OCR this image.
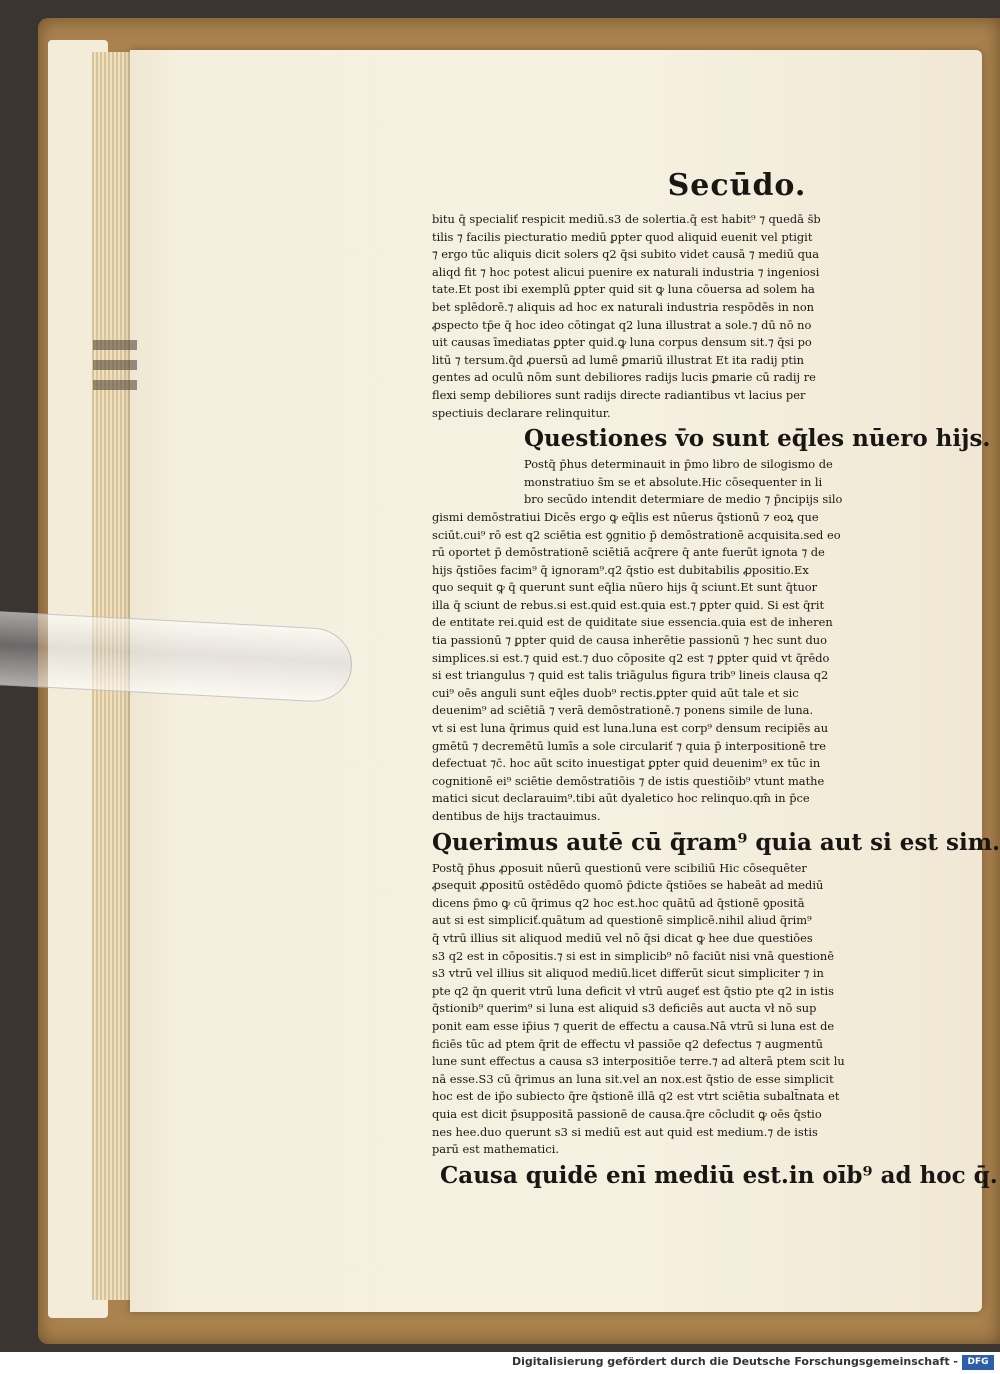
Secūdo.
bitu q̄ specialiť respicit mediū.s3 de solertia.q̄ est habit⁹ ⁊ quedā s̄b
tilis ⁊ facilis piecturatio mediū ꝑpter quod aliquid euenit vel ptigit
⁊ ergo tūc aliquis dicit solers q2 q̄si subito videt causā ⁊ mediū qua
aliqd fit ⁊ hoc potest alicui puenire ex naturali industria ⁊ ingeniosi
tate.Et post ibi exemplū ꝑpter quid sit ꝙ luna cōuersa ad solem ha
bet splēdorē.⁊ aliquis ad hoc ex naturali industria respōdēs in non
ꝓspecto tp̄e q̄ hoc ideo cōtingat q2 luna illustrat a sole.⁊ dū nō no
uit causas īmediatas ꝑpter quid.ꝙ luna corpus densum sit.⁊ q̄si po
litū ⁊ tersum.q̄d ꝓuersū ad lumē ꝑmariū illustrat Et ita radij ptin
gentes ad oculū nōm sunt debiliores radijs lucis ꝑmarie cū radij re
flexi semp debiliores sunt radijs directe radiantibus vt lacius per
spectiuis declarare relinquitur.
Questiones v̄o sunt eq̄les nūero hijs.
Postq̄ p̄hus determinauit in p̄mo libro de silogismo de
monstratiuo s̄m se et absolute.Hic cōsequenter in li
bro secūdo intendit determiare de medio ⁊ p̄ncipijs silo
gismi demōstratiui Dicēs ergo ꝙ eq̄lis est nūerus q̄stionū ⁊ eoꝝ que
sciūt.cui⁹ rō est q2 sciētia est ꝯgnitio p̄ demōstrationē acquisita.sed eo
rū oportet p̄ demōstrationē sciētiā acq̄rere q̄ ante fuerūt ignota ⁊ de
hijs q̄stiōes facim⁹ q̄ ignoram⁹.q2 q̄stio est dubitabilis ꝓpositio.Ex
quo sequit ꝙ q̄ querunt sunt eq̄lia nūero hijs q̄ sciunt.Et sunt q̄tuor
illa q̄ sciunt de rebus.si est.quid est.quia est.⁊ ꝑpter quid. Si est q̄rit
de entitate rei.quid est de quiditate siue essencia.quia est de inheren
tia passionū ⁊ ꝑpter quid de causa inherētie passionū ⁊ hec sunt duo
simplices.si est.⁊ quid est.⁊ duo cōposite q2 est ⁊ ꝑpter quid vt q̄rēdo
si est triangulus ⁊ quid est talis triāgulus figura trib⁹ lineis clausa q2
cui⁹ oēs anguli sunt eq̄les duob⁹ rectis.ꝑpter quid aūt tale et sic
deuenim⁹ ad sciētiā ⁊ verā demōstrationē.⁊ ponens simile de luna.
vt si est luna q̄rimus quid est luna.luna est corp⁹ densum recipiēs au
gmētū ⁊ decremētū lumīs a sole circulariť ⁊ quia p̄ interpositionē tre
defectuat ⁊c̄. hoc aūt scito inuestigat ꝑpter quid deuenim⁹ ex tūc in
cognitionē ei⁹ sciētie demōstratiōis ⁊ de istis questiōib⁹ vtunt mathe
matici sicut declarauim⁹.tibi aūt dyaletico hoc relinquo.qm̄ in p̄ce
dentibus de hijs tractauimus.
Querimus autē cū q̄ram⁹ quia aut si est sim.
Postq̄ p̄hus ꝓposuit nūerū questionū vere scibiliū Hic cōsequēter
ꝓsequit ꝓpositū ostēdēdo quomō p̄dicte q̄stiōes se habeāt ad mediū
dicens p̄mo ꝙ cū q̄rimus q2 hoc est.hoc quātū ad q̄stionē ꝯpositā
aut si est simpliciť.quātum ad questionē simplicē.nihil aliud q̄rim⁹
q̄ vtrū illius sit aliquod mediū vel nō q̄si dicat ꝙ hee due questiōes
s3 q2 est in cōpositis.⁊ si est in simplicib⁹ nō faciūt nisi vnā questionē
s3 vtrū vel illius sit aliquod mediū.licet differūt sicut simpliciter ⁊ in
pte q2 q̄n querit vtrū luna deficit vł vtrū augeť est q̄stio pte q2 in istis
q̄stionib⁹ querim⁹ si luna est aliquid s3 deficiēs aut aucta vł nō sup
ponit eam esse ip̄ius ⁊ querit de effectu a causa.Nā vtrū si luna est de
ficiēs tūc ad ptem q̄rit de effectu vł passiōe q2 defectus ⁊ augmentū
lune sunt effectus a causa s3 interpositiōe terre.⁊ ad alterā ptem scit lu
nā esse.S3 cū q̄rimus an luna sit.vel an nox.est q̄stio de esse simplicit
hoc est de ip̄o subiecto q̄re q̄stionē illā q2 est vtrt sciētia subalt̄nata et
quia est dicit p̄suppositā passionē de causa.q̄re cōcludit ꝙ oēs q̄stio
nes hee.duo querunt s3 si mediū est aut quid est medium.⁊ de istis
parū est mathematici.
Causa quidē enī mediū est.in oīb⁹ ad hoc q̄.
Digitalisierung gefördert durch die Deutsche Forschungsgemeinschaft -	DFG
